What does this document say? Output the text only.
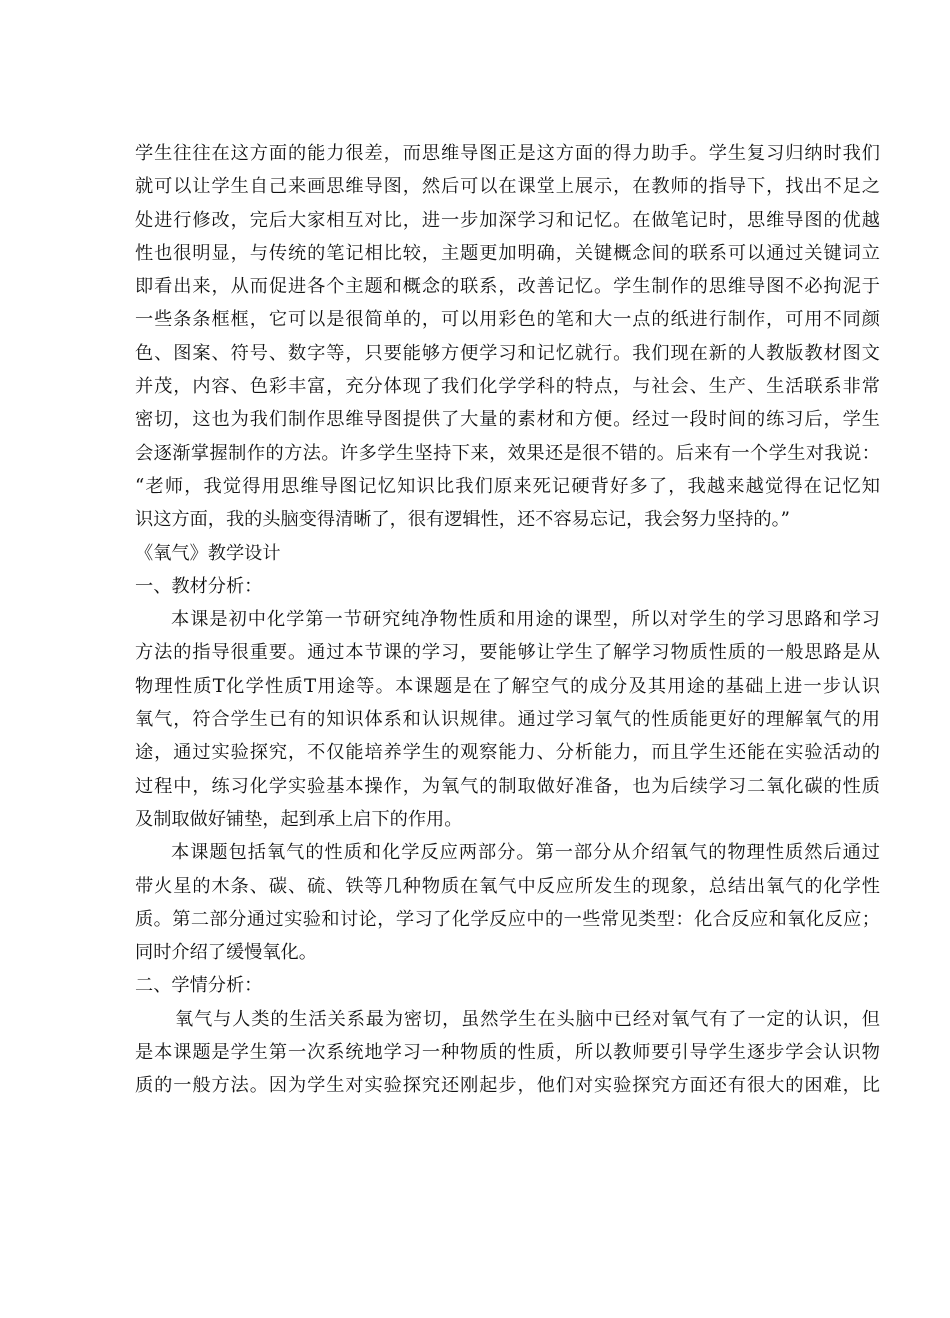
学生往往在这方面的能力很差，而思维导图正是这方面的得力助手。学生复习归纳时我们
就可以让学生自己来画思维导图，然后可以在课堂上展示，在教师的指导下，找出不足之
处进行修改，完后大家相互对比，进一步加深学习和记忆。在做笔记时，思维导图的优越
性也很明显，与传统的笔记相比较，主题更加明确，关键概念间的联系可以通过关键词立
即看出来，从而促进各个主题和概念的联系，改善记忆。学生制作的思维导图不必拘泥于
一些条条框框，它可以是很简单的，可以用彩色的笔和大一点的纸进行制作，可用不同颜
色、图案、符号、数字等，只要能够方便学习和记忆就行。我们现在新的人教版教材图文
并茂，内容、色彩丰富，充分体现了我们化学学科的特点，与社会、生产、生活联系非常
密切，这也为我们制作思维导图提供了大量的素材和方便。经过一段时间的练习后，学生
会逐渐掌握制作的方法。许多学生坚持下来，效果还是很不错的。后来有一个学生对我说：
“老师，我觉得用思维导图记忆知识比我们原来死记硬背好多了，我越来越觉得在记忆知
识这方面，我的头脑变得清晰了，很有逻辑性，还不容易忘记，我会努力坚持的。”
《氧气》教学设计
一、教材分析：
本课是初中化学第一节研究纯净物性质和用途的课型，所以对学生的学习思路和学习
方法的指导很重要。通过本节课的学习，要能够让学生了解学习物质性质的一般思路是从
物理性质T化学性质T用途等。本课题是在了解空气的成分及其用途的基础上进一步认识
氧气，符合学生已有的知识体系和认识规律。通过学习氧气的性质能更好的理解氧气的用
途，通过实验探究，不仅能培养学生的观察能力、分析能力，而且学生还能在实验活动的
过程中，练习化学实验基本操作，为氧气的制取做好准备，也为后续学习二氧化碳的性质
及制取做好铺垫，起到承上启下的作用。
本课题包括氧气的性质和化学反应两部分。第一部分从介绍氧气的物理性质然后通过
带火星的木条、碳、硫、铁等几种物质在氧气中反应所发生的现象，总结出氧气的化学性
质。第二部分通过实验和讨论，学习了化学反应中的一些常见类型：化合反应和氧化反应；
同时介绍了缓慢氧化。
二、学情分析：
氧气与人类的生活关系最为密切，虽然学生在头脑中已经对氧气有了一定的认识，但
是本课题是学生第一次系统地学习一种物质的性质，所以教师要引导学生逐步学会认识物
质的一般方法。因为学生对实验探究还刚起步，他们对实验探究方面还有很大的困难，比
